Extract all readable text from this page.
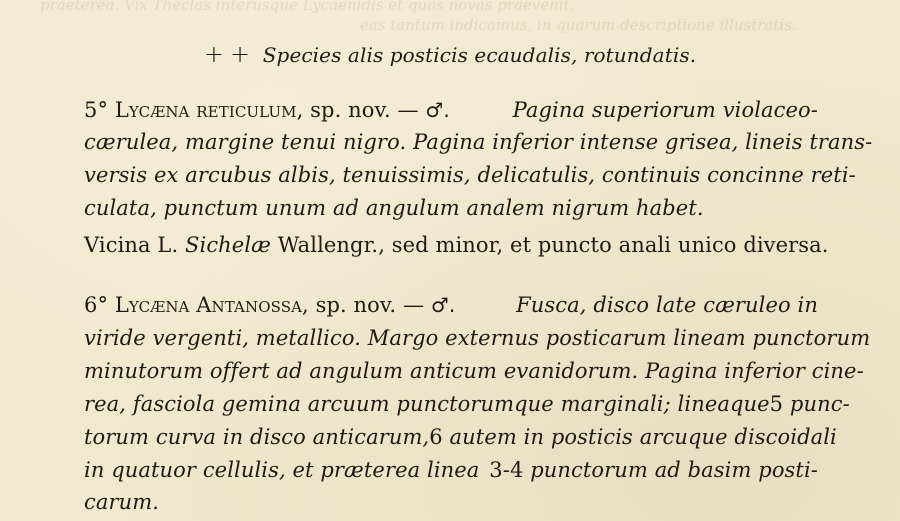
praeterea. Vix Theclas interusque Lycaenidis et quas novas praevenit,
eas tantum indicamus, in quarum descriptione illustratis.
+ + Species alis posticis ecaudalis, rotundatis.
5° Lycæna reticulum, sp. nov. — ♂.	Pagina superiorum violaceo-
cærulea, margine tenui nigro. Pagina inferior intense grisea, lineis trans-
versis ex arcubus albis, tenuissimis, delicatulis, continuis concinne reti-
culata, punctum unum ad angulum analem nigrum habet.
Vicina L. Sichelæ Wallengr., sed minor, et puncto anali unico diversa.
6° Lycæna Antanossa, sp. nov. — ♂.	Fusca, disco late cæruleo in
viride vergenti, metallico. Margo externus posticarum lineam punctorum
minutorum offert ad angulum anticum evanidorum. Pagina inferior cine-
rea, fasciola gemina arcuum punctorumque marginali; lineaque 5 punc-
torum curva in disco anticarum, 6 autem in posticis arcuque discoidali
in quatuor cellulis, et præterea linea 3-4 punctorum ad basim posti-
carum.
